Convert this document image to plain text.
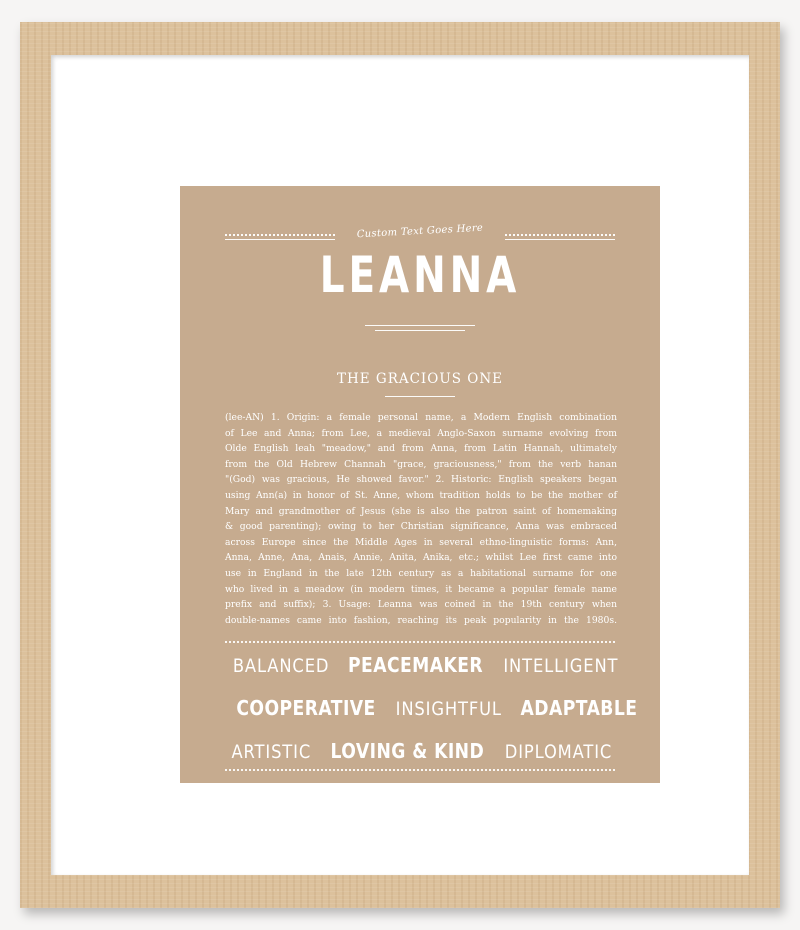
Custom Text Goes Here
LEANNA
THE GRACIOUS ONE
(lee-AN) 1. Origin: a female personal name, a Modern English combination
of Lee and Anna; from Lee, a medieval Anglo-Saxon surname evolving from
Olde English leah "meadow," and from Anna, from Latin Hannah, ultimately
from the Old Hebrew Channah "grace, graciousness," from the verb hanan
"(God) was gracious, He showed favor." 2. Historic: English speakers began
using Ann(a) in honor of St. Anne, whom tradition holds to be the mother of
Mary and grandmother of Jesus (she is also the patron saint of homemaking
& good parenting); owing to her Christian significance, Anna was embraced
across Europe since the Middle Ages in several ethno-linguistic forms: Ann,
Anna, Anne, Ana, Anais, Annie, Anita, Anika, etc.; whilst Lee first came into
use in England in the late 12th century as a habitational surname for one
who lived in a meadow (in modern times, it became a popular female name
prefix and suffix); 3. Usage: Leanna was coined in the 19th century when
double-names came into fashion, reaching its peak popularity in the 1980s.
BALANCED PEACEMAKER INTELLIGENT
COOPERATIVE INSIGHTFUL ADAPTABLE
ARTISTIC LOVING & KIND DIPLOMATIC
